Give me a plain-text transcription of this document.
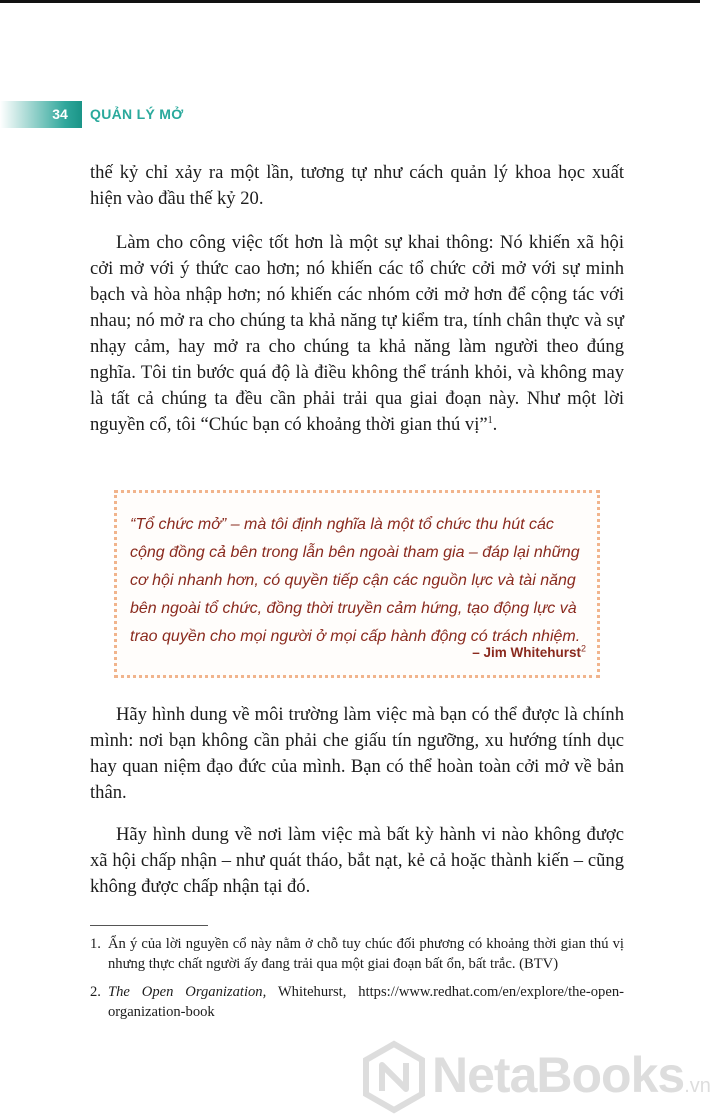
34	QUẢN LÝ MỞ

thế kỷ chỉ xảy ra một lần, tương tự như cách quản lý khoa học xuất hiện vào đầu thế kỷ 20.

Làm cho công việc tốt hơn là một sự khai thông: Nó khiến xã hội cởi mở với ý thức cao hơn; nó khiến các tổ chức cởi mở với sự minh bạch và hòa nhập hơn; nó khiến các nhóm cởi mở hơn để cộng tác với nhau; nó mở ra cho chúng ta khả năng tự kiểm tra, tính chân thực và sự nhạy cảm, hay mở ra cho chúng ta khả năng làm người theo đúng nghĩa. Tôi tin bước quá độ là điều không thể tránh khỏi, và không may là tất cả chúng ta đều cần phải trải qua giai đoạn này. Như một lời nguyền cổ, tôi “Chúc bạn có khoảng thời gian thú vị”$^1$.

“Tổ chức mở” – mà tôi định nghĩa là một tổ chức thu hút các cộng đồng cả bên trong lẫn bên ngoài tham gia – đáp lại những cơ hội nhanh hơn, có quyền tiếp cận các nguồn lực và tài năng bên ngoài tổ chức, đồng thời truyền cảm hứng, tạo động lực và trao quyền cho mọi người ở mọi cấp hành động có trách nhiệm.

– Jim Whitehurst$^2$

Hãy hình dung về môi trường làm việc mà bạn có thể được là chính mình: nơi bạn không cần phải che giấu tín ngưỡng, xu hướng tính dục hay quan niệm đạo đức của mình. Bạn có thể hoàn toàn cởi mở về bản thân.

Hãy hình dung về nơi làm việc mà bất kỳ hành vi nào không được xã hội chấp nhận – như quát tháo, bắt nạt, kẻ cả hoặc thành kiến – cũng không được chấp nhận tại đó.

1. Ẩn ý của lời nguyền cổ này nằm ở chỗ tuy chúc đối phương có khoảng thời gian thú vị nhưng thực chất người ấy đang trải qua một giai đoạn bất ổn, bất trắc. (BTV)

2. The Open Organization, Whitehurst, https://www.redhat.com/en/explore/the-open-organization-book

NetaBooks.vn
